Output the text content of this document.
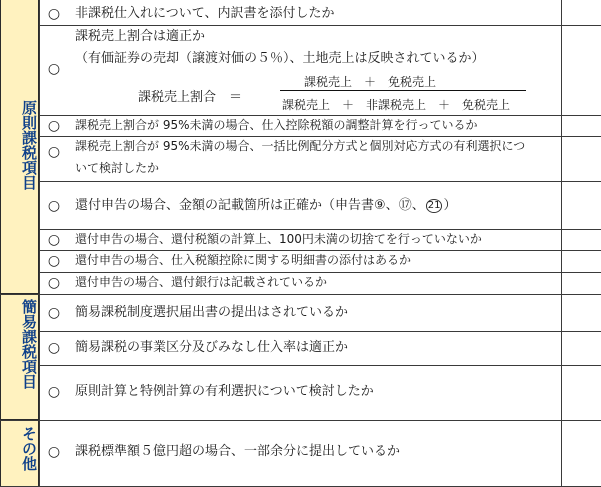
原則課税項目
簡易課税項目
その他
○ 非課税仕入れについて、内訳書を添付したか
○
課税売上割合は適正か
（有価証券の売却（譲渡対価の５％）、土地売上は反映されているか）
課税売上割合 ＝
課税売上　＋　免税売上
課税売上　＋　非課税売上　＋　免税売上
○ 課税売上割合が 95%未満の場合、仕入控除税額の調整計算を行っているか
○ 課税売上割合が 95%未満の場合、一括比例配分方式と個別対応方式の有利選択につ
いて検討したか
○ 還付申告の場合、金額の記載箇所は正確か（申告書⑨、⑰、 21 ）
○ 還付申告の場合、還付税額の計算上、100円未満の切捨てを行っていないか
○ 還付申告の場合、仕入税額控除に関する明細書の添付はあるか
○ 還付申告の場合、還付銀行は記載されているか
○ 簡易課税制度選択届出書の提出はされているか
○ 簡易課税の事業区分及びみなし仕入率は適正か
○ 原則計算と特例計算の有利選択について検討したか
○ 課税標準額５億円超の場合、一部余分に提出しているか
